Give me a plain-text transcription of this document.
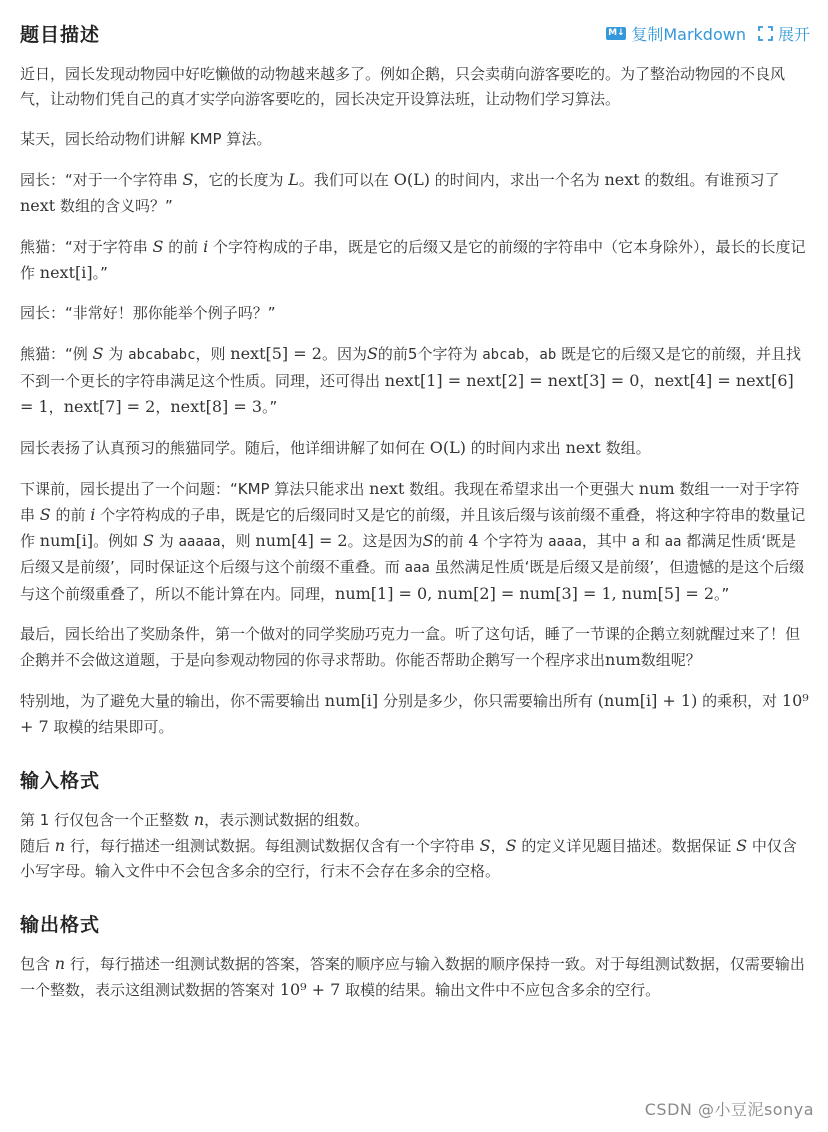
题目描述	M↓ 复制Markdown 展开

近日，园长发现动物园中好吃懒做的动物越来越多了。例如企鹅，只会卖萌向游客要吃的。为了整治动物园的不良风气，让动物们凭自己的真才实学向游客要吃的，园长决定开设算法班，让动物们学习算法。

某天，园长给动物们讲解 KMP 算法。

园长：“对于一个字符串 S，它的长度为 L。我们可以在 O(L) 的时间内，求出一个名为 next 的数组。有谁预习了 next 数组的含义吗？”

熊猫：“对于字符串 S 的前 i 个字符构成的子串，既是它的后缀又是它的前缀的字符串中（它本身除外），最长的长度记作 next[i]。”

园长：“非常好！那你能举个例子吗？”

熊猫：“例 S 为 abcababc，则 next[5] = 2。因为S的前5个字符为 abcab，ab 既是它的后缀又是它的前缀，并且找不到一个更长的字符串满足这个性质。同理，还可得出 next[1] = next[2] = next[3] = 0，next[4] = next[6] = 1，next[7] = 2，next[8] = 3。”

园长表扬了认真预习的熊猫同学。随后，他详细讲解了如何在 O(L) 的时间内求出 next 数组。

下课前，园长提出了一个问题：“KMP 算法只能求出 next 数组。我现在希望求出一个更强大 num 数组一一对于字符串 S 的前 i 个字符构成的子串，既是它的后缀同时又是它的前缀，并且该后缀与该前缀不重叠，将这种字符串的数量记作 num[i]。例如 S 为 aaaaa，则 num[4] = 2。这是因为S的前 4 个字符为 aaaa，其中 a 和 aa 都满足性质‘既是后缀又是前缀’，同时保证这个后缀与这个前缀不重叠。而 aaa 虽然满足性质‘既是后缀又是前缀’，但遗憾的是这个后缀与这个前缀重叠了，所以不能计算在内。同理，num[1] = 0, num[2] = num[3] = 1, num[5] = 2。”

最后，园长给出了奖励条件，第一个做对的同学奖励巧克力一盒。听了这句话，睡了一节课的企鹅立刻就醒过来了！但企鹅并不会做这道题，于是向参观动物园的你寻求帮助。你能否帮助企鹅写一个程序求出num数组呢？

特别地，为了避免大量的输出，你不需要输出 num[i] 分别是多少，你只需要输出所有 (num[i] + 1) 的乘积，对 10⁹ + 7 取模的结果即可。

输入格式

第 1 行仅包含一个正整数 n，表示测试数据的组数。
随后 n 行，每行描述一组测试数据。每组测试数据仅含有一个字符串 S，S 的定义详见题目描述。数据保证 S 中仅含小写字母。输入文件中不会包含多余的空行，行末不会存在多余的空格。

输出格式

包含 n 行，每行描述一组测试数据的答案，答案的顺序应与输入数据的顺序保持一致。对于每组测试数据，仅需要输出一个整数，表示这组测试数据的答案对 10⁹ + 7 取模的结果。输出文件中不应包含多余的空行。

CSDN @小豆泥sonya
